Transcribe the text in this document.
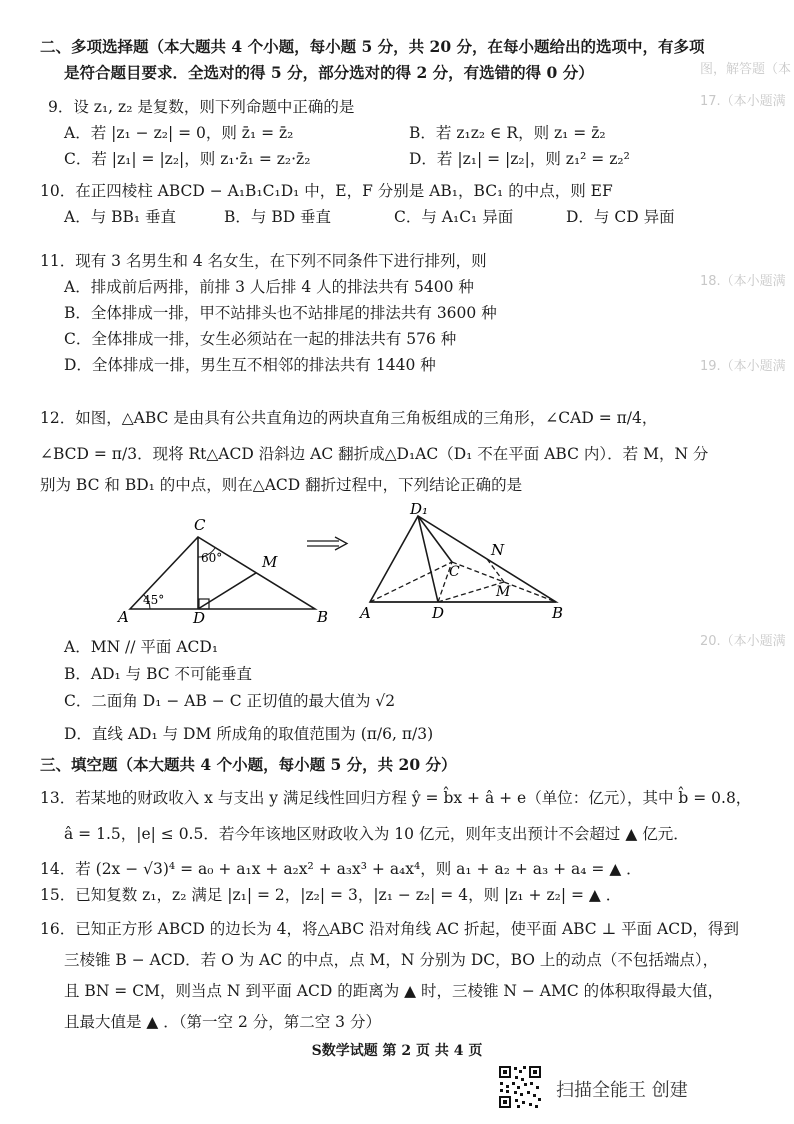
图，解答题（本
17.（本小题满
18.（本小题满
19.（本小题满
20.（本小题满
二、多项选择题（本大题共 4 个小题，每小题 5 分，共 20 分，在每小题给出的选项中，有多项
是符合题目要求．全选对的得 5 分，部分选对的得 2 分，有选错的得 0 分）
9．设 z₁, z₂ 是复数，则下列命题中正确的是
A．若 |z₁ − z₂| = 0，则 z̄₁ = z̄₂	B．若 z₁z₂ ∈ R，则 z₁ = z̄₂
C．若 |z₁| = |z₂|，则 z₁·z̄₁ = z₂·z̄₂	D．若 |z₁| = |z₂|，则 z₁² = z₂²
10．在正四棱柱 ABCD − A₁B₁C₁D₁ 中，E，F 分别是 AB₁，BC₁ 的中点，则 EF
A．与 BB₁ 垂直	B．与 BD 垂直	C．与 A₁C₁ 异面	D．与 CD 异面
11．现有 3 名男生和 4 名女生，在下列不同条件下进行排列，则
A．排成前后两排，前排 3 人后排 4 人的排法共有 5400 种
B．全体排成一排，甲不站排头也不站排尾的排法共有 3600 种
C．全体排成一排，女生必须站在一起的排法共有 576 种
D．全体排成一排，男生互不相邻的排法共有 1440 种
12．如图，△ABC 是由具有公共直角边的两块直角三角板组成的三角形，∠CAD = π/4，
∠BCD = π/3．现将 Rt△ACD 沿斜边 AC 翻折成△D₁AC（D₁ 不在平面 ABC 内）．若 M，N 分
别为 BC 和 BD₁ 的中点，则在△ACD 翻折过程中，下列结论正确的是
C
60°	M
45°
A	D	B
D₁
N
C
M
A	D	B
A．MN // 平面 ACD₁
B．AD₁ 与 BC 不可能垂直
C．二面角 D₁ − AB − C 正切值的最大值为 √2
D．直线 AD₁ 与 DM 所成角的取值范围为 (π/6, π/3)
三、填空题（本大题共 4 个小题，每小题 5 分，共 20 分）
13．若某地的财政收入 x 与支出 y 满足线性回归方程 ŷ = b̂x + â + e（单位：亿元），其中 b̂ = 0.8，
â = 1.5，|e| ≤ 0.5．若今年该地区财政收入为 10 亿元，则年支出预计不会超过 ▲ 亿元．
14．若 (2x − √3)⁴ = a₀ + a₁x + a₂x² + a₃x³ + a₄x⁴，则 a₁ + a₂ + a₃ + a₄ = ▲ ．
15．已知复数 z₁，z₂ 满足 |z₁| = 2，|z₂| = 3，|z₁ − z₂| = 4，则 |z₁ + z₂| = ▲ ．
16．已知正方形 ABCD 的边长为 4，将△ABC 沿对角线 AC 折起，使平面 ABC ⊥ 平面 ACD，得到
三棱锥 B − ACD．若 O 为 AC 的中点，点 M，N 分别为 DC，BO 上的动点（不包括端点），
且 BN = CM，则当点 N 到平面 ACD 的距离为 ▲ 时，三棱锥 N − AMC 的体积取得最大值，
且最大值是 ▲ ．（第一空 2 分，第二空 3 分）
S数学试题 第 2 页 共 4 页
扫描全能王 创建
